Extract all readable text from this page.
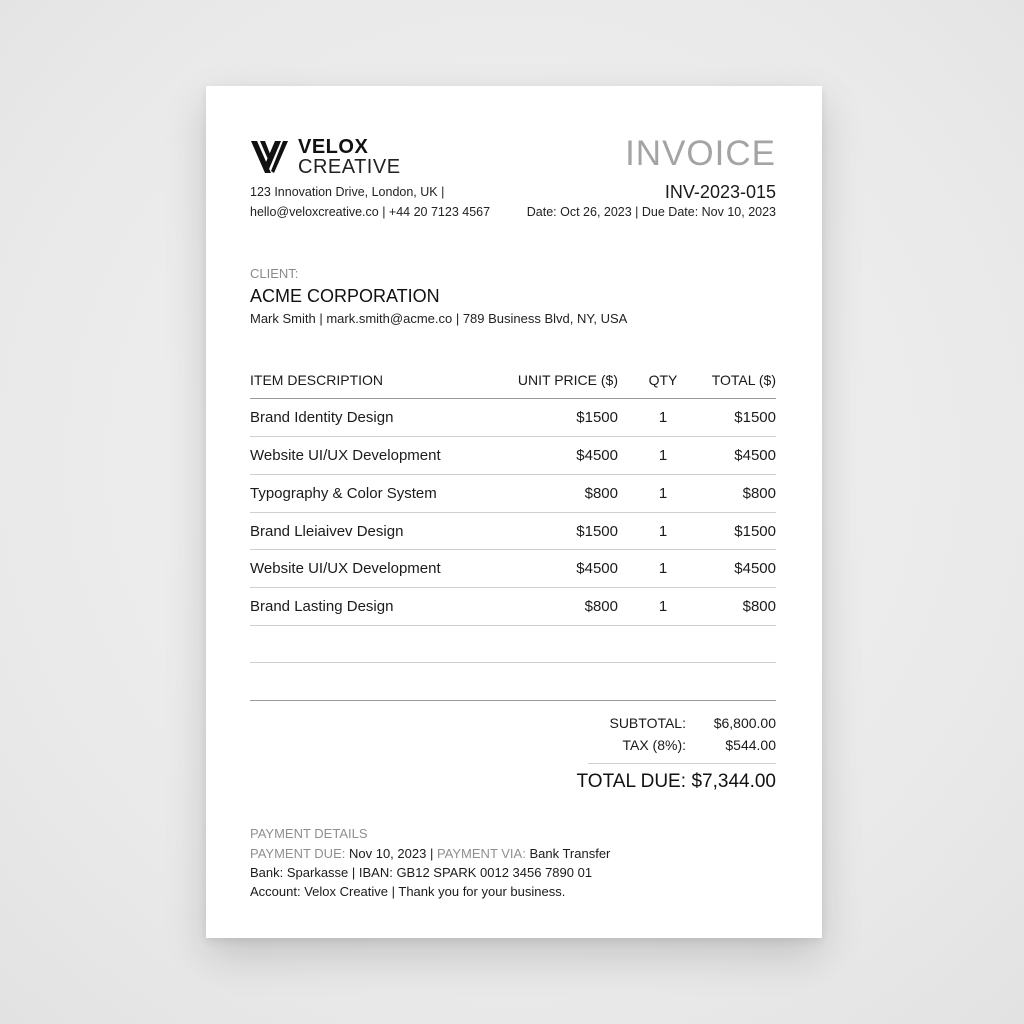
VELOX
CREATIVE
123 Innovation Drive, London, UK |
hello@veloxcreative.co | +44 20 7123 4567
INVOICE
INV-2023-015
Date: Oct 26, 2023 | Due Date: Nov 10, 2023
CLIENT:
ACME CORPORATION
Mark Smith | mark.smith@acme.co | 789 Business Blvd, NY, USA
ITEM DESCRIPTION	UNIT PRICE ($)	QTY	TOTAL ($)
Brand Identity Design	$1500	1	$1500
Website UI/UX Development	$4500	1	$4500
Typography & Color System	$800	1	$800
Brand Lleiaivev Design	$1500	1	$1500
Website UI/UX Development	$4500	1	$4500
Brand Lasting Design	$800	1	$800
SUBTOTAL: $6,800.00
TAX (8%):	$544.00
TOTAL DUE: $7,344.00
PAYMENT DETAILS
PAYMENT DUE: Nov 10, 2023 | PAYMENT VIA: Bank Transfer
Bank: Sparkasse | IBAN: GB12 SPARK 0012 3456 7890 01
Account: Velox Creative | Thank you for your business.
